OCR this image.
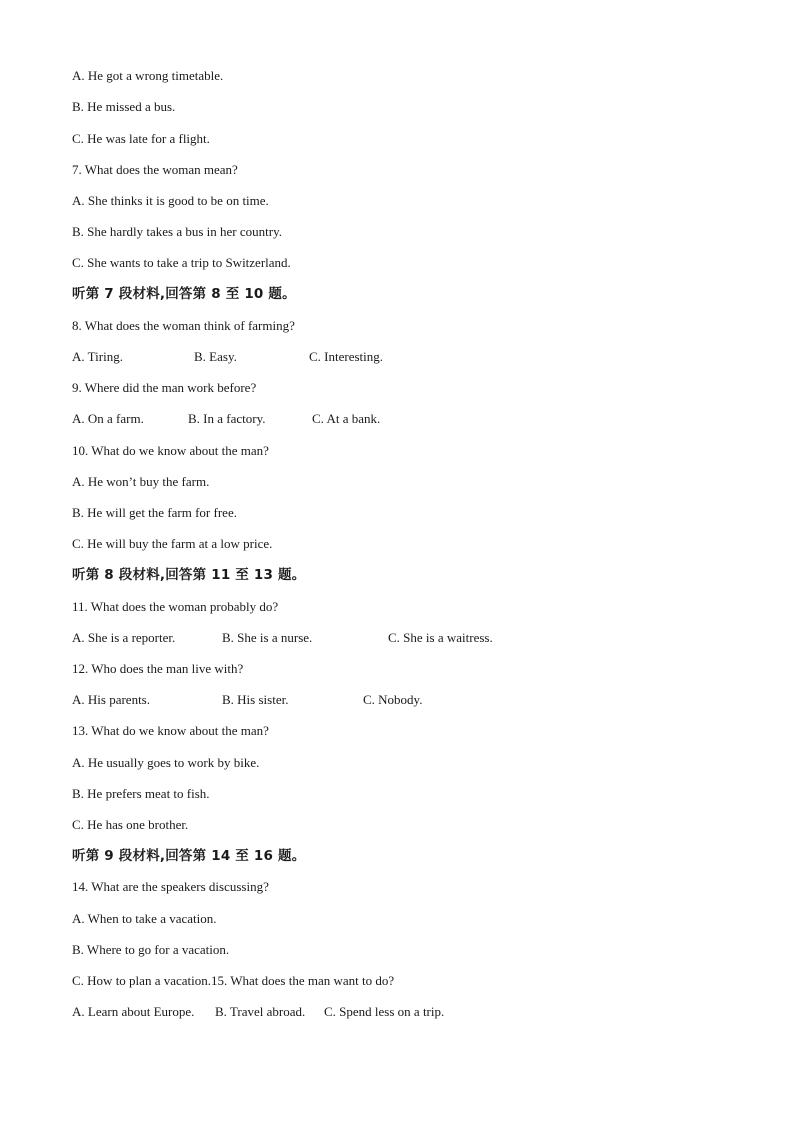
A. He got a wrong timetable.
B. He missed a bus.
C. He was late for a flight.
7. What does the woman mean?
A. She thinks it is good to be on time.
B. She hardly takes a bus in her country.
C. She wants to take a trip to Switzerland.
听第 7 段材料,回答第 8 至 10 题。
8. What does the woman think of farming?
A. Tiring.	B. Easy.	C. Interesting.
9. Where did the man work before?
A. On a farm.	B. In a factory.	C. At a bank.
10. What do we know about the man?
A. He won’t buy the farm.
B. He will get the farm for free.
C. He will buy the farm at a low price.
听第 8 段材料,回答第 11 至 13 题。
11. What does the woman probably do?
A. She is a reporter.	B. She is a nurse.	C. She is a waitress.
12. Who does the man live with?
A. His parents.	B. His sister.	C. Nobody.
13. What do we know about the man?
A. He usually goes to work by bike.
B. He prefers meat to fish.
C. He has one brother.
听第 9 段材料,回答第 14 至 16 题。
14. What are the speakers discussing?
A. When to take a vacation.
B. Where to go for a vacation.
C. How to plan a vacation.15. What does the man want to do?
A. Learn about Europe. B. Travel abroad. C. Spend less on a trip.
